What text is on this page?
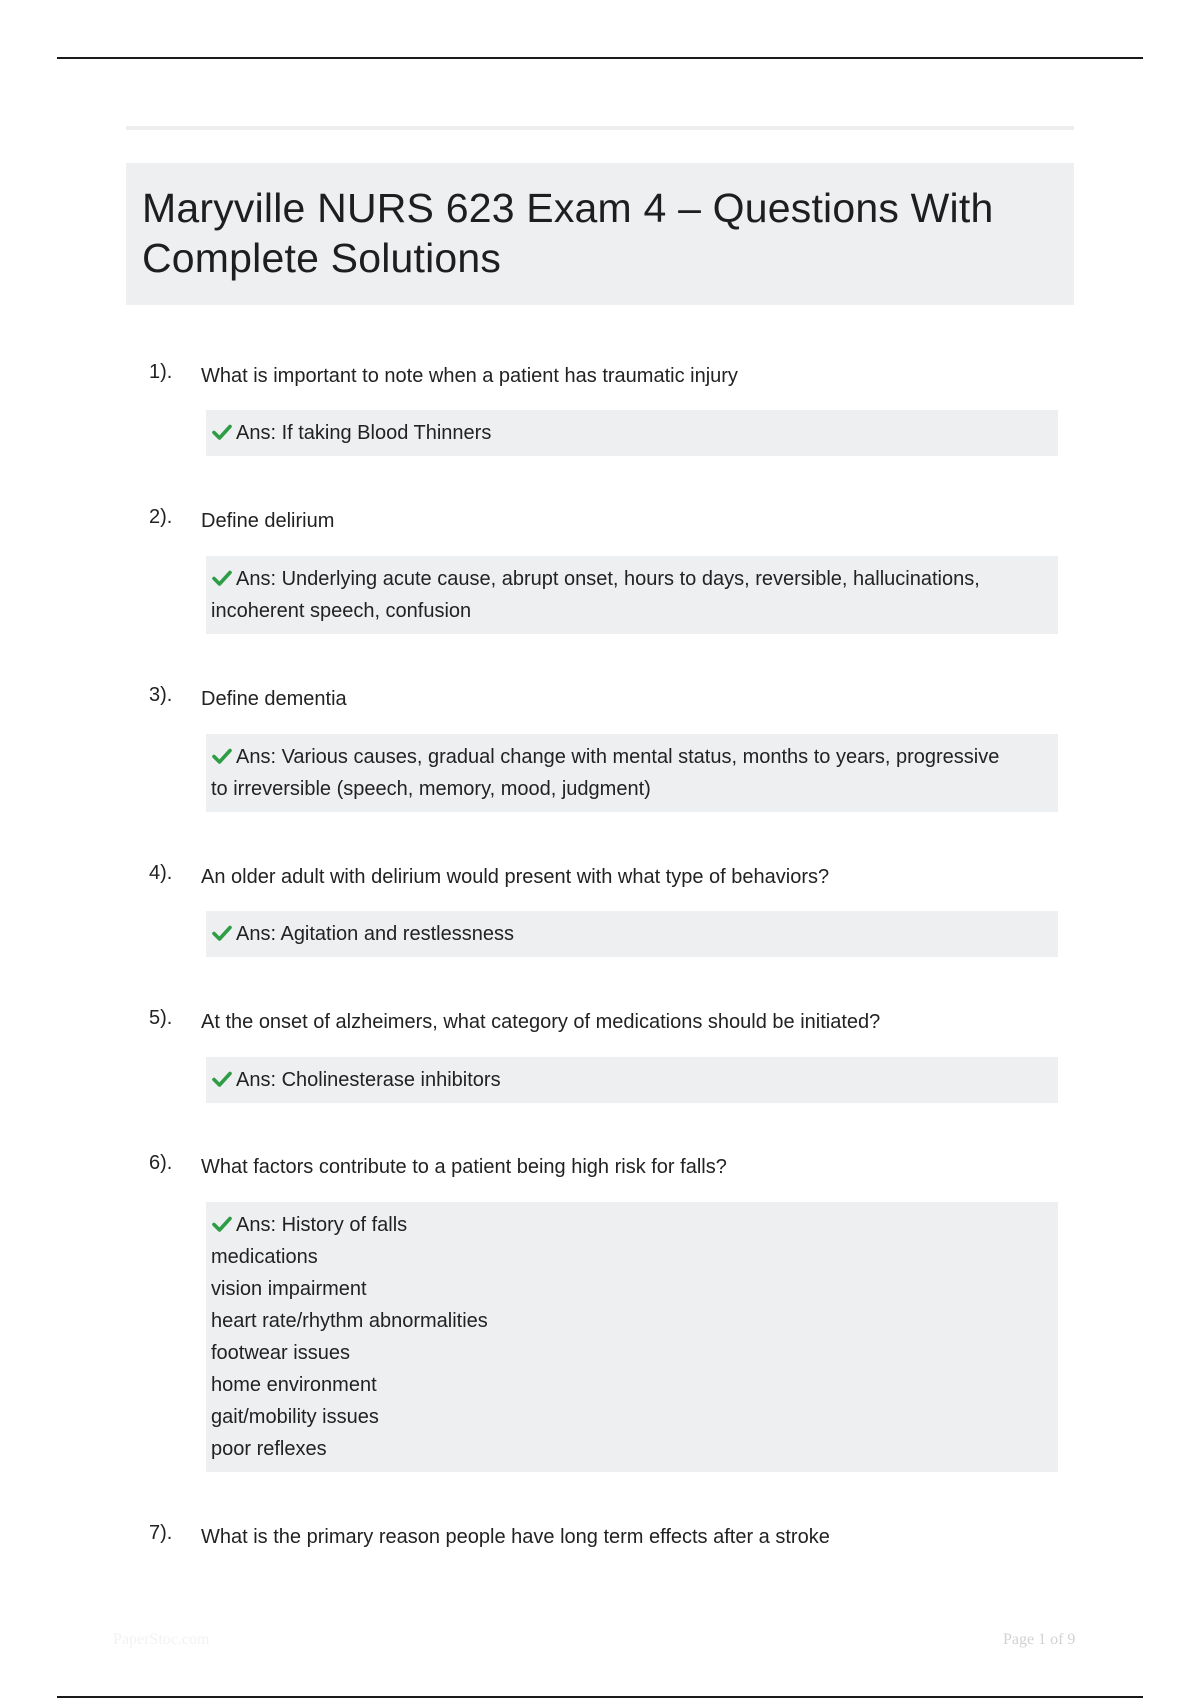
Maryville NURS 623 Exam 4 – Questions With
Complete Solutions
1). What is important to note when a patient has traumatic injury
Ans: If taking Blood Thinners
2). Define delirium
Ans: Underlying acute cause, abrupt onset, hours to days, reversible, hallucinations,
incoherent speech, confusion
3). Define dementia
Ans: Various causes, gradual change with mental status, months to years, progressive
to irreversible (speech, memory, mood, judgment)
4). An older adult with delirium would present with what type of behaviors?
Ans: Agitation and restlessness
5). At the onset of alzheimers, what category of medications should be initiated?
Ans: Cholinesterase inhibitors
6). What factors contribute to a patient being high risk for falls?
Ans: History of falls
medications
vision impairment
heart rate/rhythm abnormalities
footwear issues
home environment
gait/mobility issues
poor reflexes
7). What is the primary reason people have long term effects after a stroke
PaperStoc.com	Page 1 of 9
